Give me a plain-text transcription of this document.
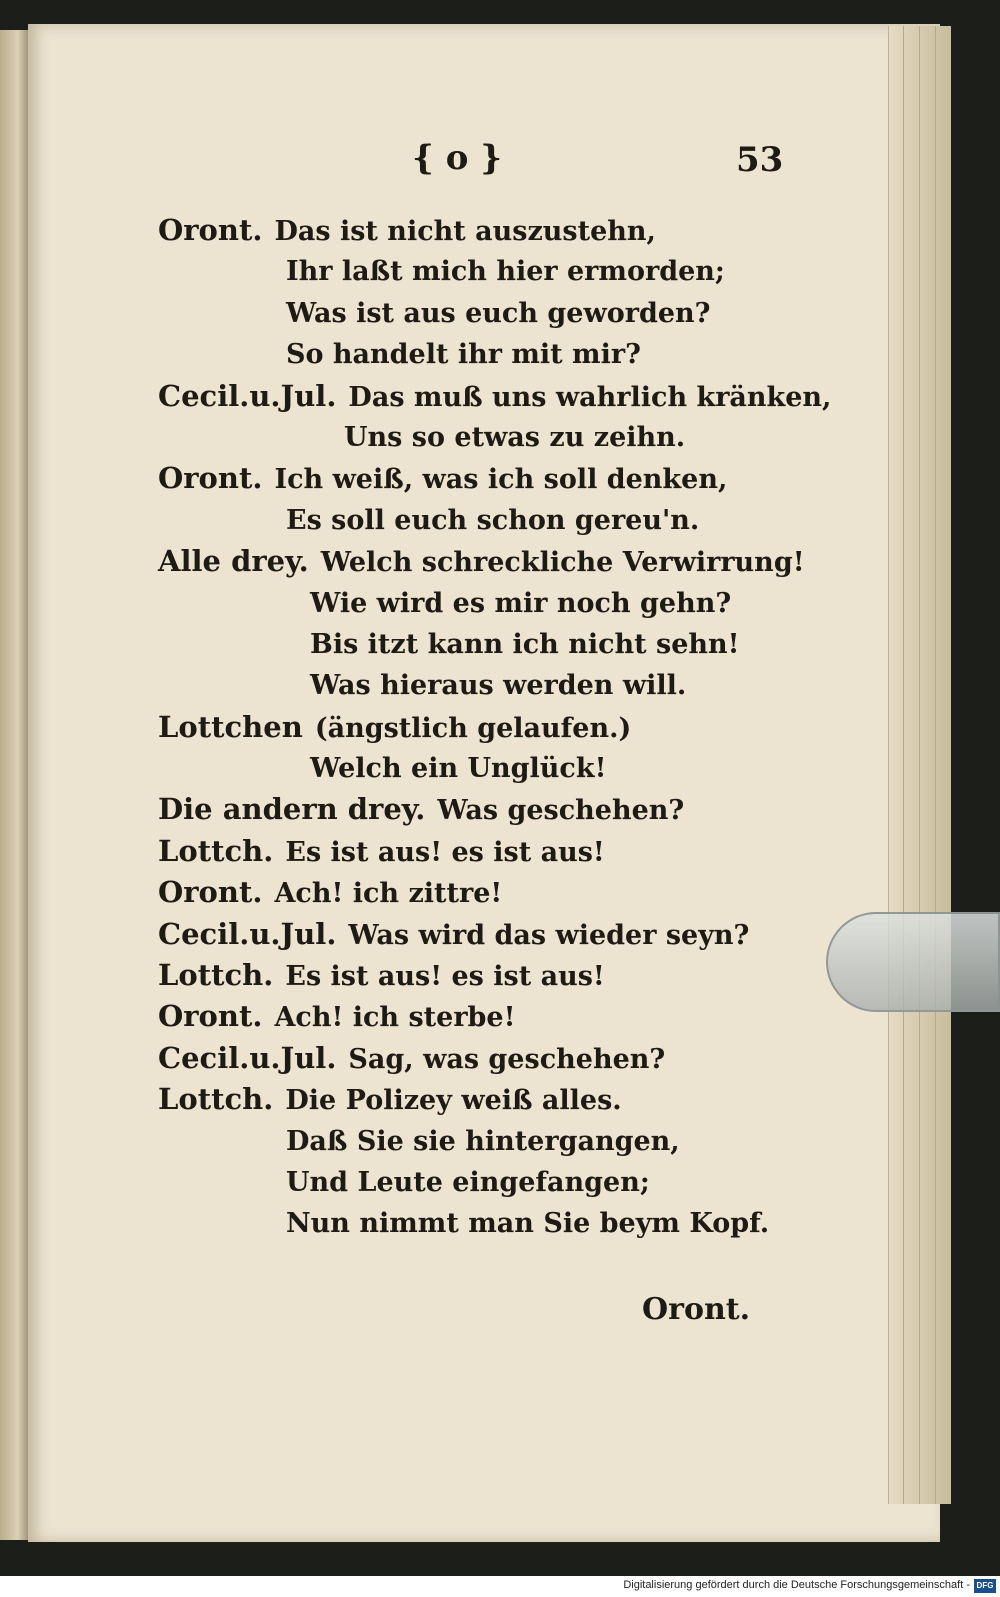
{ o }	53
Oront. Das ist nicht auszustehn,
Ihr laßt mich hier ermorden;
Was ist aus euch geworden?
So handelt ihr mit mir?
Cecil.u.Jul. Das muß uns wahrlich kränken,
Uns so etwas zu zeihn.
Oront. Ich weiß, was ich soll denken,
Es soll euch schon gereu'n.
Alle drey. Welch schreckliche Verwirrung!
Wie wird es mir noch gehn?
Bis itzt kann ich nicht sehn!
Was hieraus werden will.
Lottchen (ängstlich gelaufen.)
Welch ein Unglück!
Die andern drey. Was geschehen?
Lottch. Es ist aus! es ist aus!
Oront. Ach! ich zittre!
Cecil.u.Jul. Was wird das wieder seyn?
Lottch. Es ist aus! es ist aus!
Oront. Ach! ich sterbe!
Cecil.u.Jul. Sag, was geschehen?
Lottch. Die Polizey weiß alles.
Daß Sie sie hintergangen,
Und Leute eingefangen;
Nun nimmt man Sie beym Kopf.
Oront.
Digitalisierung gefördert durch die Deutsche Forschungsgemeinschaft - DFG
